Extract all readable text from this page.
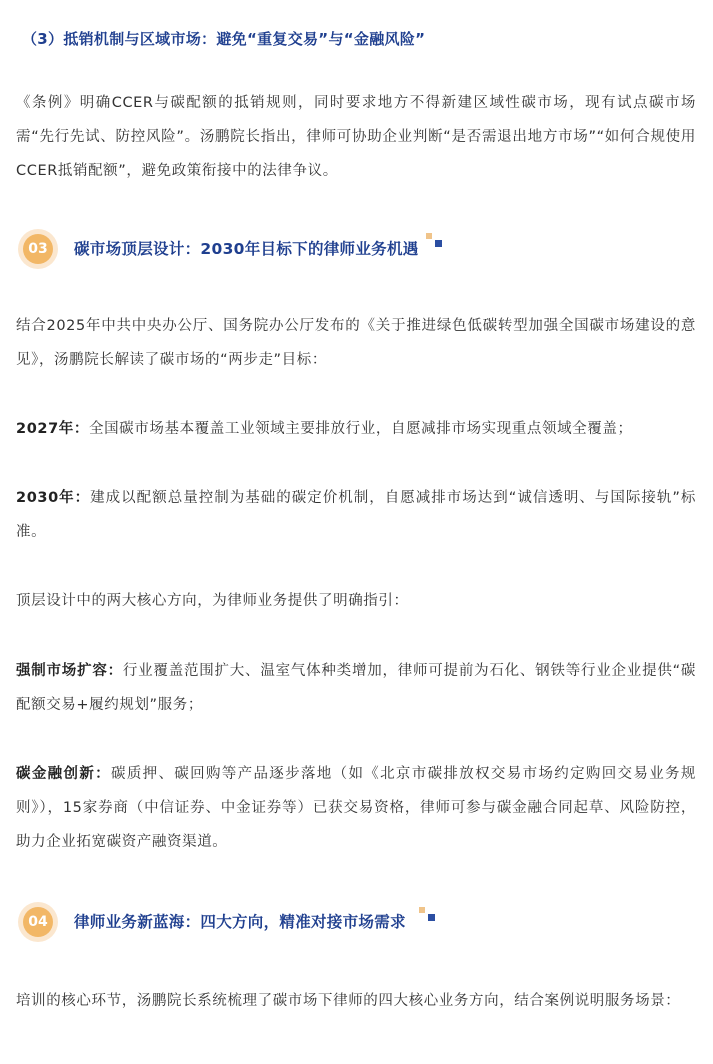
（3）抵销机制与区域市场：避免“重复交易”与“金融风险”
《条例》明确CCER与碳配额的抵销规则，同时要求地方不得新建区域性碳市场，现有试点碳市场需“先行先试、防控风险”。汤鹏院长指出，律师可协助企业判断“是否需退出地方市场”“如何合规使用CCER抵销配额”，避免政策衔接中的法律争议。
03	碳市场顶层设计：2030年目标下的律师业务机遇
结合2025年中共中央办公厅、国务院办公厅发布的《关于推进绿色低碳转型加强全国碳市场建设的意见》，汤鹏院长解读了碳市场的“两步走”目标：
2027年：全国碳市场基本覆盖工业领域主要排放行业，自愿减排市场实现重点领域全覆盖；
2030年：建成以配额总量控制为基础的碳定价机制，自愿减排市场达到“诚信透明、与国际接轨”标准。
顶层设计中的两大核心方向，为律师业务提供了明确指引：
强制市场扩容：行业覆盖范围扩大、温室气体种类增加，律师可提前为石化、钢铁等行业企业提供“碳配额交易+履约规划”服务；
碳金融创新：碳质押、碳回购等产品逐步落地（如《北京市碳排放权交易市场约定购回交易业务规则》），15家券商（中信证券、中金证券等）已获交易资格，律师可参与碳金融合同起草、风险防控，助力企业拓宽碳资产融资渠道。
04	律师业务新蓝海：四大方向，精准对接市场需求
培训的核心环节，汤鹏院长系统梳理了碳市场下律师的四大核心业务方向，结合案例说明服务场景：
